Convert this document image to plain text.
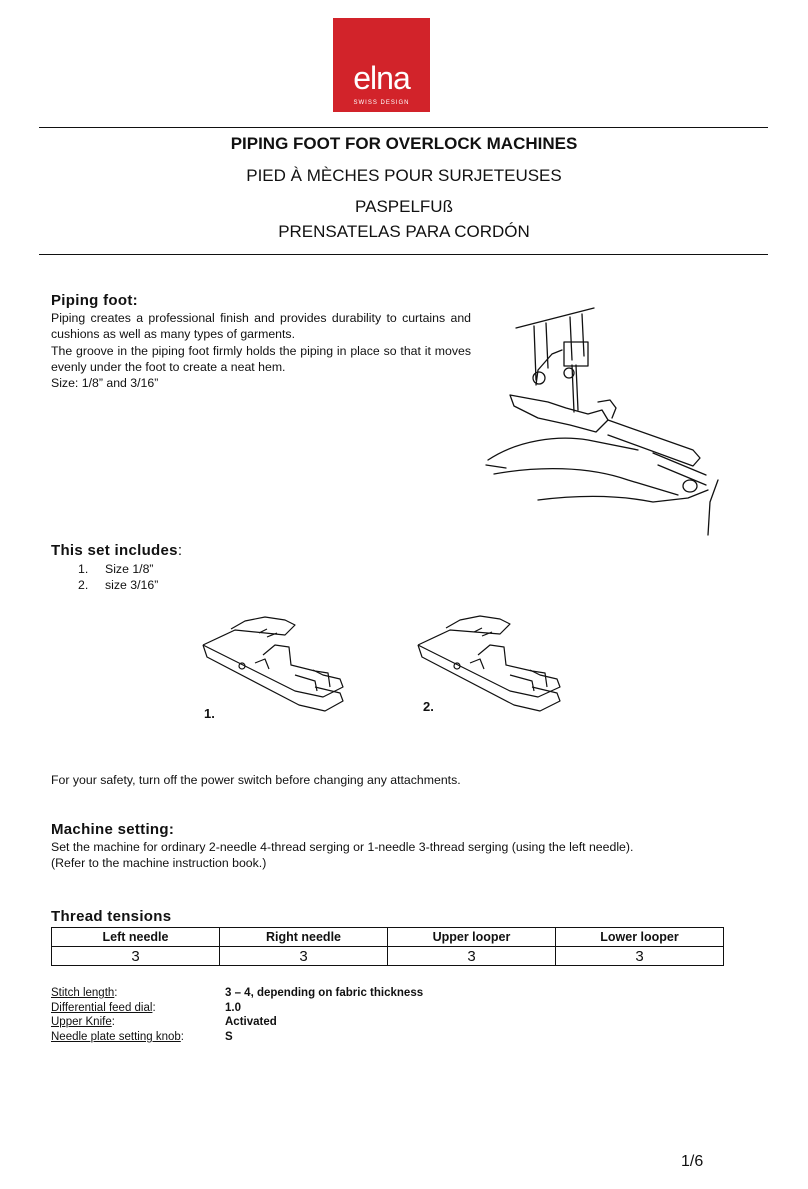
elna
SWISS DESIGN
PIPING FOOT FOR OVERLOCK MACHINES
PIED À MÈCHES POUR SURJETEUSES
PASPELFUß
PRENSATELAS PARA CORDÓN
Piping foot:
Piping creates a professional finish and provides durability to curtains and cushions as well as many types of garments.
The groove in the piping foot firmly holds the piping in place so that it moves evenly under the foot to create a neat hem.
Size: 1/8” and 3/16”
This set includes:
1. Size 1/8”
2. size 3/16”
1.	2.
For your safety, turn off the power switch before changing any attachments.
Machine setting:
Set the machine for ordinary 2-needle 4-thread serging or 1-needle 3-thread serging (using the left needle).
(Refer to the machine instruction book.)
Thread tensions
Left needle	Right needle	Upper looper	Lower looper
3	3	3	3
Stitch length:	3 – 4, depending on fabric thickness
Differential feed dial:	1.0
Upper Knife:	Activated
Needle plate setting knob:	S
1/6
